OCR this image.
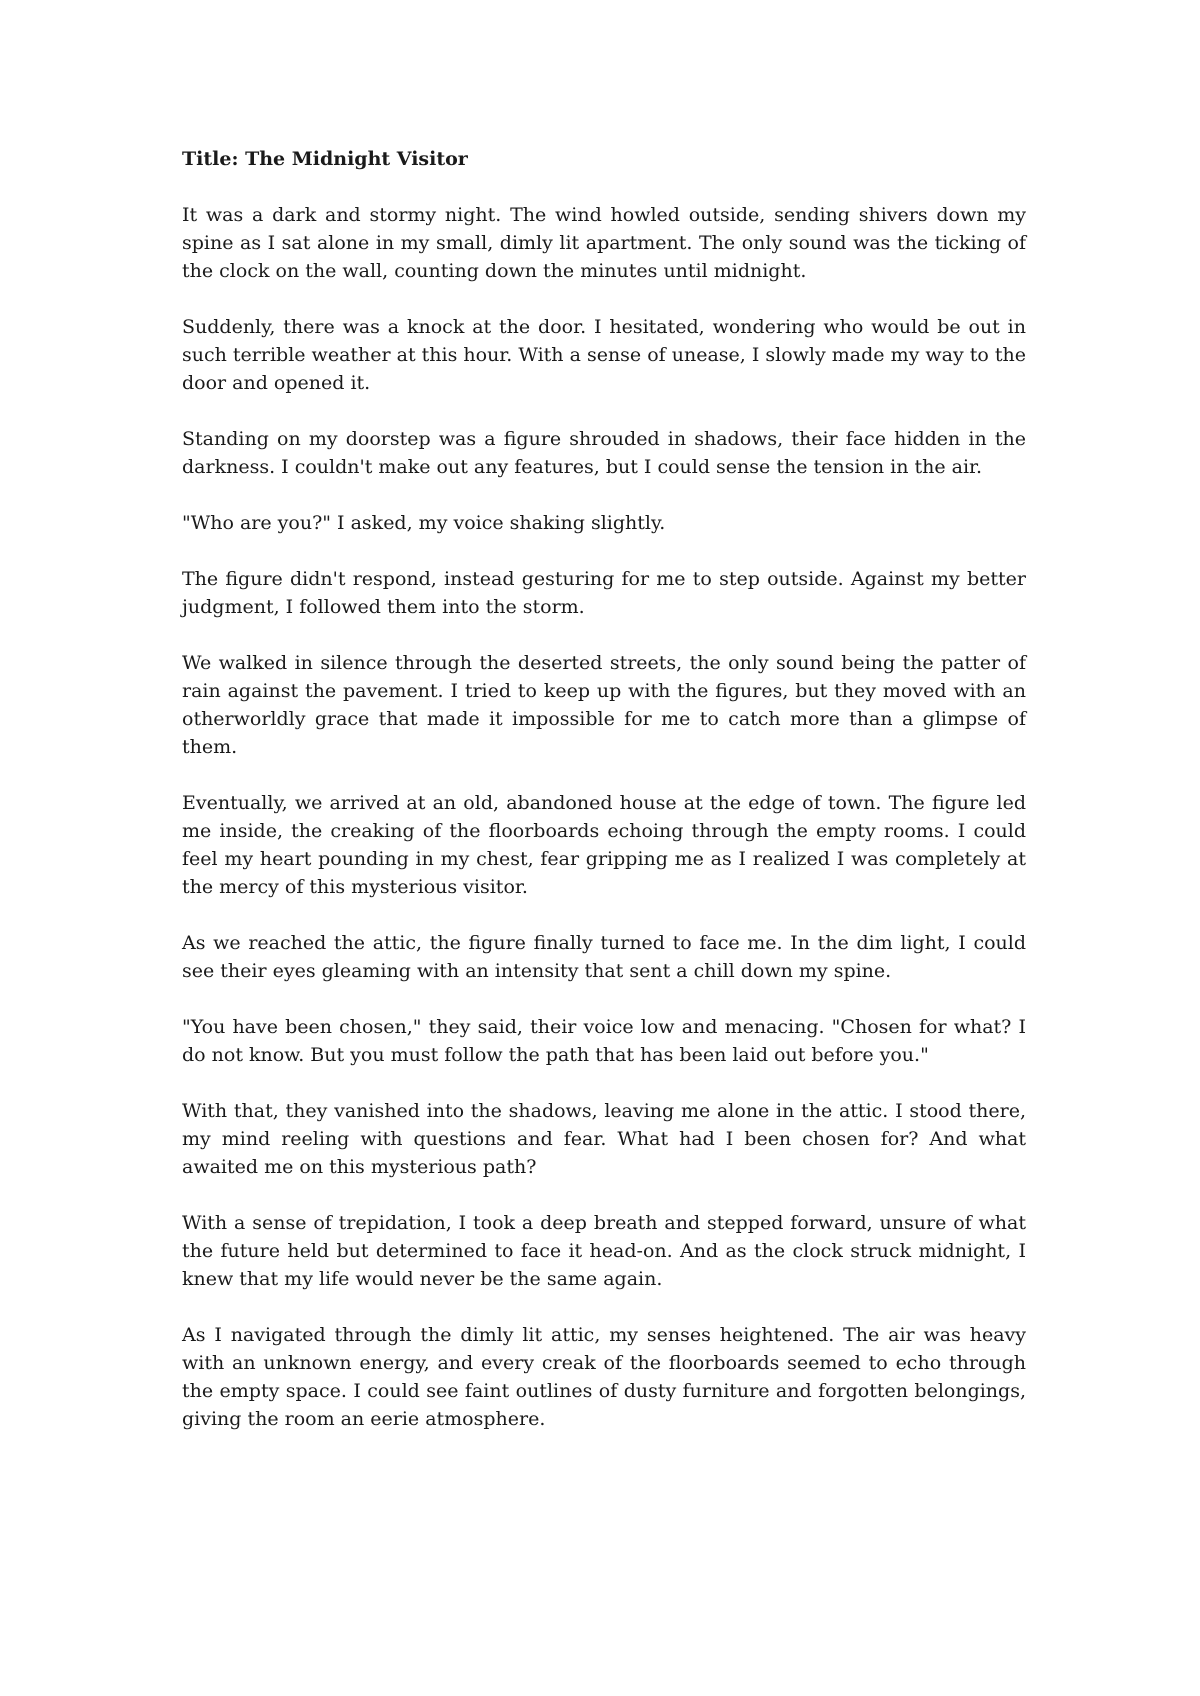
Title: The Midnight Visitor

It was a dark and stormy night. The wind howled outside, sending shivers down my spine as I sat alone in my small, dimly lit apartment. The only sound was the ticking of the clock on the wall, counting down the minutes until midnight.

Suddenly, there was a knock at the door. I hesitated, wondering who would be out in such terrible weather at this hour. With a sense of unease, I slowly made my way to the door and opened it.

Standing on my doorstep was a figure shrouded in shadows, their face hidden in the darkness. I couldn't make out any features, but I could sense the tension in the air.

"Who are you?" I asked, my voice shaking slightly.

The figure didn't respond, instead gesturing for me to step outside. Against my better judgment, I followed them into the storm.

We walked in silence through the deserted streets, the only sound being the patter of rain against the pavement. I tried to keep up with the figures, but they moved with an otherworldly grace that made it impossible for me to catch more than a glimpse of them.

Eventually, we arrived at an old, abandoned house at the edge of town. The figure led me inside, the creaking of the floorboards echoing through the empty rooms. I could feel my heart pounding in my chest, fear gripping me as I realized I was completely at the mercy of this mysterious visitor.

As we reached the attic, the figure finally turned to face me. In the dim light, I could see their eyes gleaming with an intensity that sent a chill down my spine.

"You have been chosen," they said, their voice low and menacing. "Chosen for what? I do not know. But you must follow the path that has been laid out before you."

With that, they vanished into the shadows, leaving me alone in the attic. I stood there, my mind reeling with questions and fear. What had I been chosen for? And what awaited me on this mysterious path?

With a sense of trepidation, I took a deep breath and stepped forward, unsure of what the future held but determined to face it head-on. And as the clock struck midnight, I knew that my life would never be the same again.

As I navigated through the dimly lit attic, my senses heightened. The air was heavy with an unknown energy, and every creak of the floorboards seemed to echo through the empty space. I could see faint outlines of dusty furniture and forgotten belongings, giving the room an eerie atmosphere.
